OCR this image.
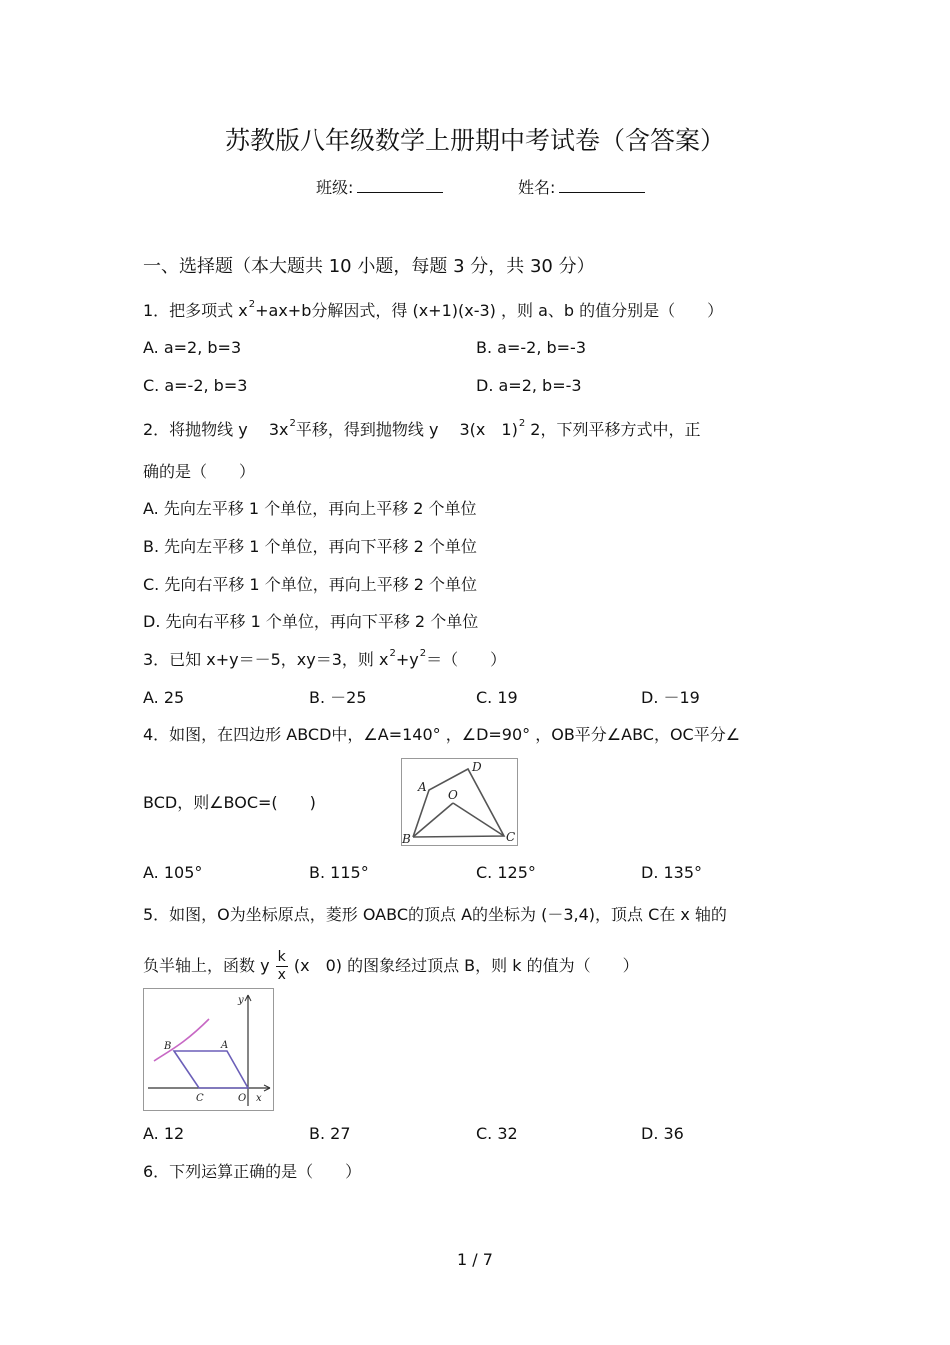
苏教版八年级数学上册期中考试卷（含答案）
班级:	姓名:
一、选择题（本大题共 10 小题，每题 3 分，共 30 分）
1．把多项式 $x^2+ax+b$分解因式，得 (x+1)(x-3) ，则 a、b 的值分别是（　　）
A. a=2, b=3	B. a=-2, b=-3
C. a=-2, b=3	D. a=2, b=-3
2．将抛物线 y　 $3x^2$平移，得到抛物线 y　 3(x　1)$^2$ 2，下列平移方式中，正
确的是（　　）
A. 先向左平移 1 个单位，再向上平移 2 个单位
B. 先向左平移 1 个单位，再向下平移 2 个单位
C. 先向右平移 1 个单位，再向上平移 2 个单位
D. 先向右平移 1 个单位，再向下平移 2 个单位
3．已知 x+y＝－5，xy＝3，则 $x^2+y^2=$（　　）
A. 25	B. －25	C. 19	D. －19
4．如图，在四边形 ABCD中，∠A=140° ，∠D=90° ，OB平分∠ABC，OC平分∠
BCD，则∠BOC=(　　)
A
D
O
B	C
A. 105°	B. 115°	C. 125°	D. 135°
5．如图，O为坐标原点，菱形 OABC的顶点 A的坐标为 (－3,4)，顶点 C在 x 轴的
负半轴上，函数 y $\frac{k}{x} (x$　0) 的图象经过顶点 B，则 k 的值为（　　）
B	A
C	O x
y
A. 12	B. 27	C. 32	D. 36
6．下列运算正确的是（　　）
1 / 7
